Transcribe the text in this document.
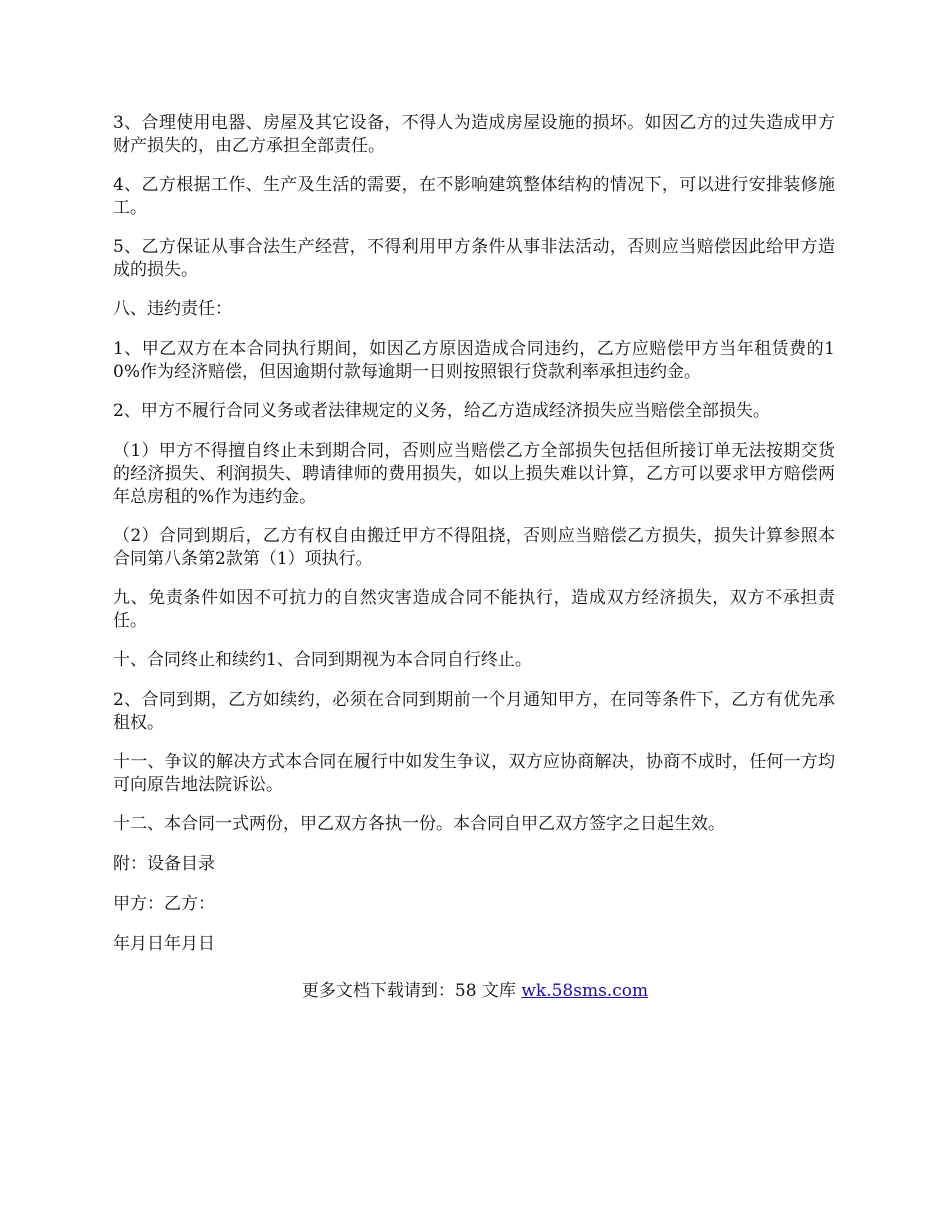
3、合理使用电器、房屋及其它设备，不得人为造成房屋设施的损坏。如因乙方的过失造成甲方财产损失的，由乙方承担全部责任。

4、乙方根据工作、生产及生活的需要，在不影响建筑整体结构的情况下，可以进行安排装修施工。

5、乙方保证从事合法生产经营，不得利用甲方条件从事非法活动，否则应当赔偿因此给甲方造成的损失。

八、违约责任：

1、甲乙双方在本合同执行期间，如因乙方原因造成合同违约，乙方应赔偿甲方当年租赁费的10%作为经济赔偿，但因逾期付款每逾期一日则按照银行贷款利率承担违约金。

2、甲方不履行合同义务或者法律规定的义务，给乙方造成经济损失应当赔偿全部损失。

（1）甲方不得擅自终止未到期合同，否则应当赔偿乙方全部损失包括但所接订单无法按期交货的经济损失、利润损失、聘请律师的费用损失，如以上损失难以计算，乙方可以要求甲方赔偿两年总房租的%作为违约金。

（2）合同到期后，乙方有权自由搬迁甲方不得阻挠，否则应当赔偿乙方损失，损失计算参照本合同第八条第2款第（1）项执行。

九、免责条件如因不可抗力的自然灾害造成合同不能执行，造成双方经济损失，双方不承担责任。

十、合同终止和续约1、合同到期视为本合同自行终止。

2、合同到期，乙方如续约，必须在合同到期前一个月通知甲方，在同等条件下，乙方有优先承租权。

十一、争议的解决方式本合同在履行中如发生争议，双方应协商解决，协商不成时，任何一方均可向原告地法院诉讼。

十二、本合同一式两份，甲乙双方各执一份。本合同自甲乙双方签字之日起生效。

附：设备目录

甲方：乙方：

年月日年月日

更多文档下载请到：58 文库 wk.58sms.com
